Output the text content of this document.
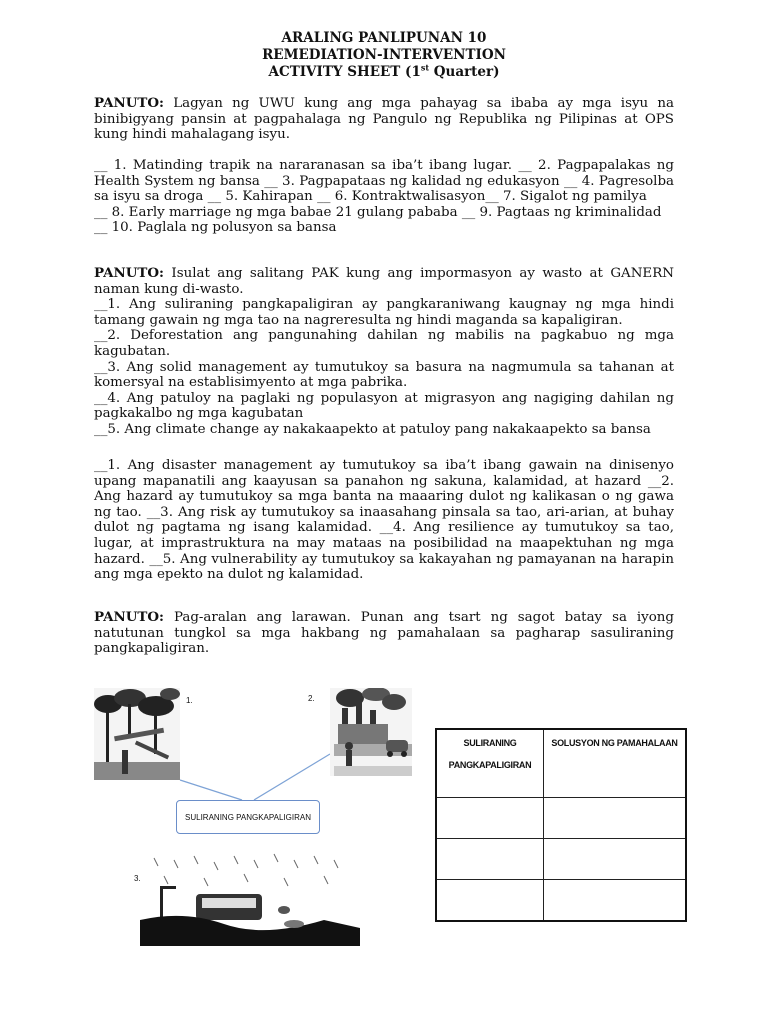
ARALING PANLIPUNAN 10
REMEDIATION-INTERVENTION
ACTIVITY SHEET (1st Quarter)
PANUTO: Lagyan ng UWU kung ang mga pahayag sa ibaba ay mga isyu na binibigyang pansin at pagpahalaga ng Pangulo ng Republika ng Pilipinas at OPS kung hindi mahalagang isyu.
__ 1. Matinding trapik na nararanasan sa iba’t ibang lugar. __ 2. Pagpapalakas ng Health System ng bansa __ 3. Pagpapataas ng kalidad ng edukasyon __ 4. Pagresolba sa isyu sa droga __ 5. Kahirapan __ 6. Kontraktwalisasyon__ 7. Sigalot ng pamilya
__ 8. Early marriage ng mga babae 21 gulang pababa __ 9. Pagtaas ng kriminalidad
__ 10. Paglala ng polusyon sa bansa
PANUTO: Isulat ang salitang PAK kung ang impormasyon ay wasto at GANERN naman kung di-wasto.
__1. Ang suliraning pangkapaligiran ay pangkaraniwang kaugnay ng mga hindi tamang gawain ng mga tao na nagreresulta ng hindi maganda sa kapaligiran.
__2. Deforestation ang pangunahing dahilan ng mabilis na pagkabuo ng mga kagubatan.
__3. Ang solid management ay tumutukoy sa basura na nagmumula sa tahanan at komersyal na establisimyento at mga pabrika.
__4. Ang patuloy na paglaki ng populasyon at migrasyon ang nagiging dahilan ng pagkakalbo ng mga kagubatan
__5. Ang climate change ay nakakaapekto at patuloy pang nakakaapekto sa bansa
__1. Ang disaster management ay tumutukoy sa iba’t ibang gawain na dinisenyo upang mapanatili ang kaayusan sa panahon ng sakuna, kalamidad, at hazard __2. Ang hazard ay tumutukoy sa mga banta na maaaring dulot ng kalikasan o ng gawa ng tao. __3. Ang risk ay tumutukoy sa inaasahang pinsala sa tao, ari-arian, at buhay dulot ng pagtama ng isang kalamidad. __4. Ang resilience ay tumutukoy sa tao, lugar, at imprastruktura na may mataas na posibilidad na maapektuhan ng mga hazard. __5. Ang vulnerability ay tumutukoy sa kakayahan ng pamayanan na harapin ang mga epekto na dulot ng kalamidad.
PANUTO: Pag-aralan ang larawan. Punan ang tsart ng sagot batay sa iyong natutunan tungkol sa mga hakbang ng pamahalaan sa pagharap sasuliraning pangkapaligiran.
1.	2.
3.
SULIRANING PANGKAPALIGIRAN
SULIRANING
PANGKAPALIGIRAN	SOLUSYON NG PAMAHALAAN
